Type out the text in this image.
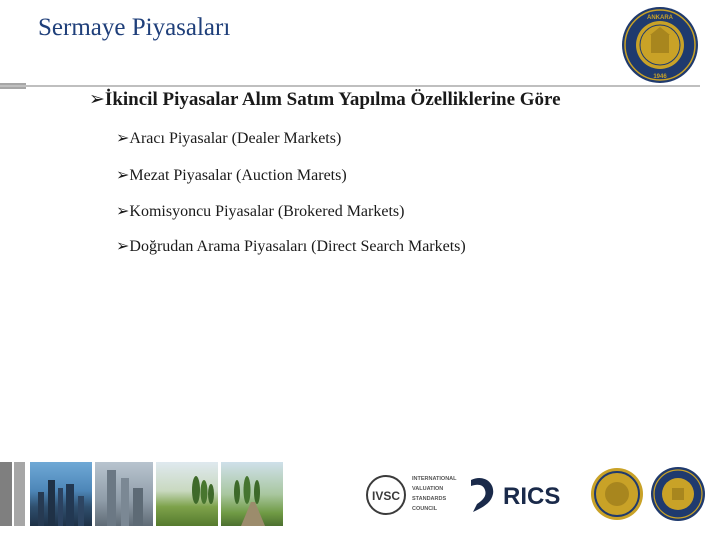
Sermaye Piyasaları	ANKARA
1946
➢İkincil Piyasalar Alım Satım Yapılma Özelliklerine Göre
➢Aracı Piyasalar (Dealer Markets)
➢Mezat Piyasalar (Auction Marets)
➢Komisyoncu Piyasalar (Brokered Markets)
➢Doğrudan Arama Piyasaları (Direct Search Markets)
IVSC
INTERNATIONAL
VALUATION
STANDARDS
COUNCIL	RICS
